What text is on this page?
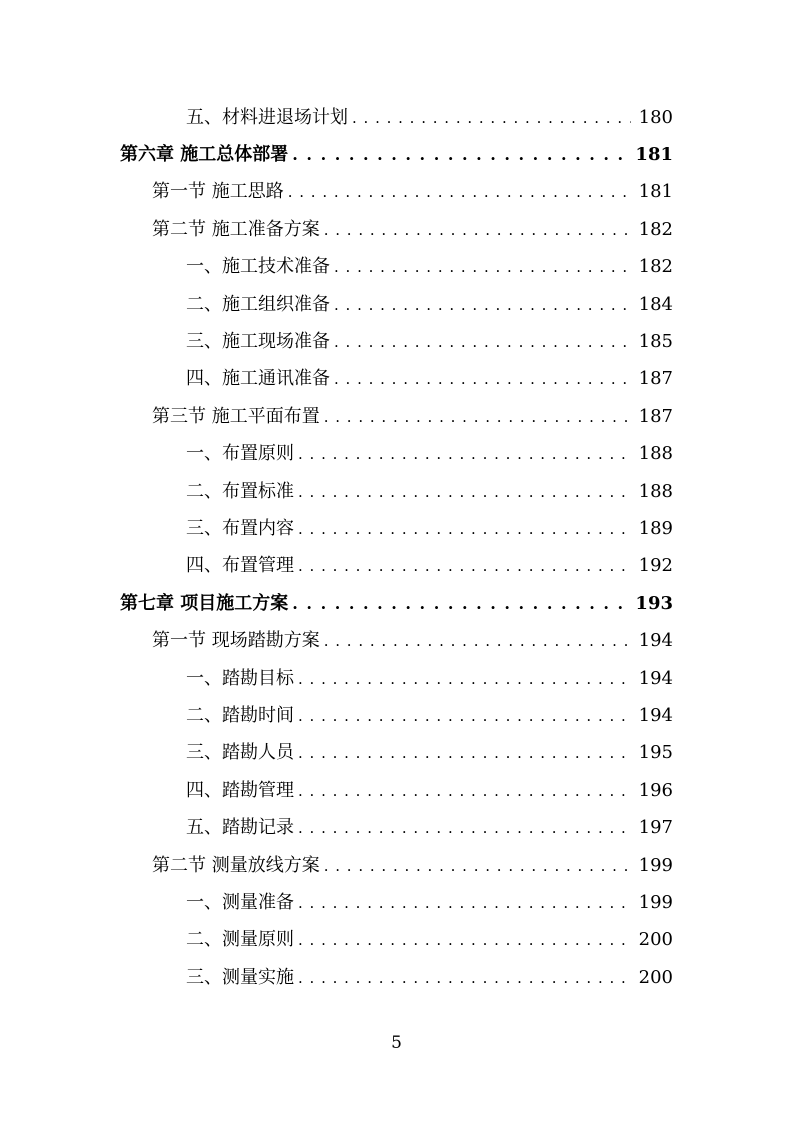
五、材料进退场计划 . . .	180
第六章 施工总体部署 . . .	181
第一节 施工思路 . . .	181
第二节 施工准备方案 . . .	182
一、施工技术准备 . . .	182
二、施工组织准备 . . .	184
三、施工现场准备 . . .	185
四、施工通讯准备 . . .	187
第三节 施工平面布置 . . .	187
一、布置原则 . . .	188
二、布置标准 . . .	188
三、布置内容 . . .	189
四、布置管理 . . .	192
第七章 项目施工方案 . . .	193
第一节 现场踏勘方案 . . .	194
一、踏勘目标 . . .	194
二、踏勘时间 . . .	194
三、踏勘人员 . . .	195
四、踏勘管理 . . .	196
五、踏勘记录 . . .	197
第二节 测量放线方案 . . .	199
一、测量准备 . . .	199
二、测量原则 . . .	200
三、测量实施 . . .	200
5
